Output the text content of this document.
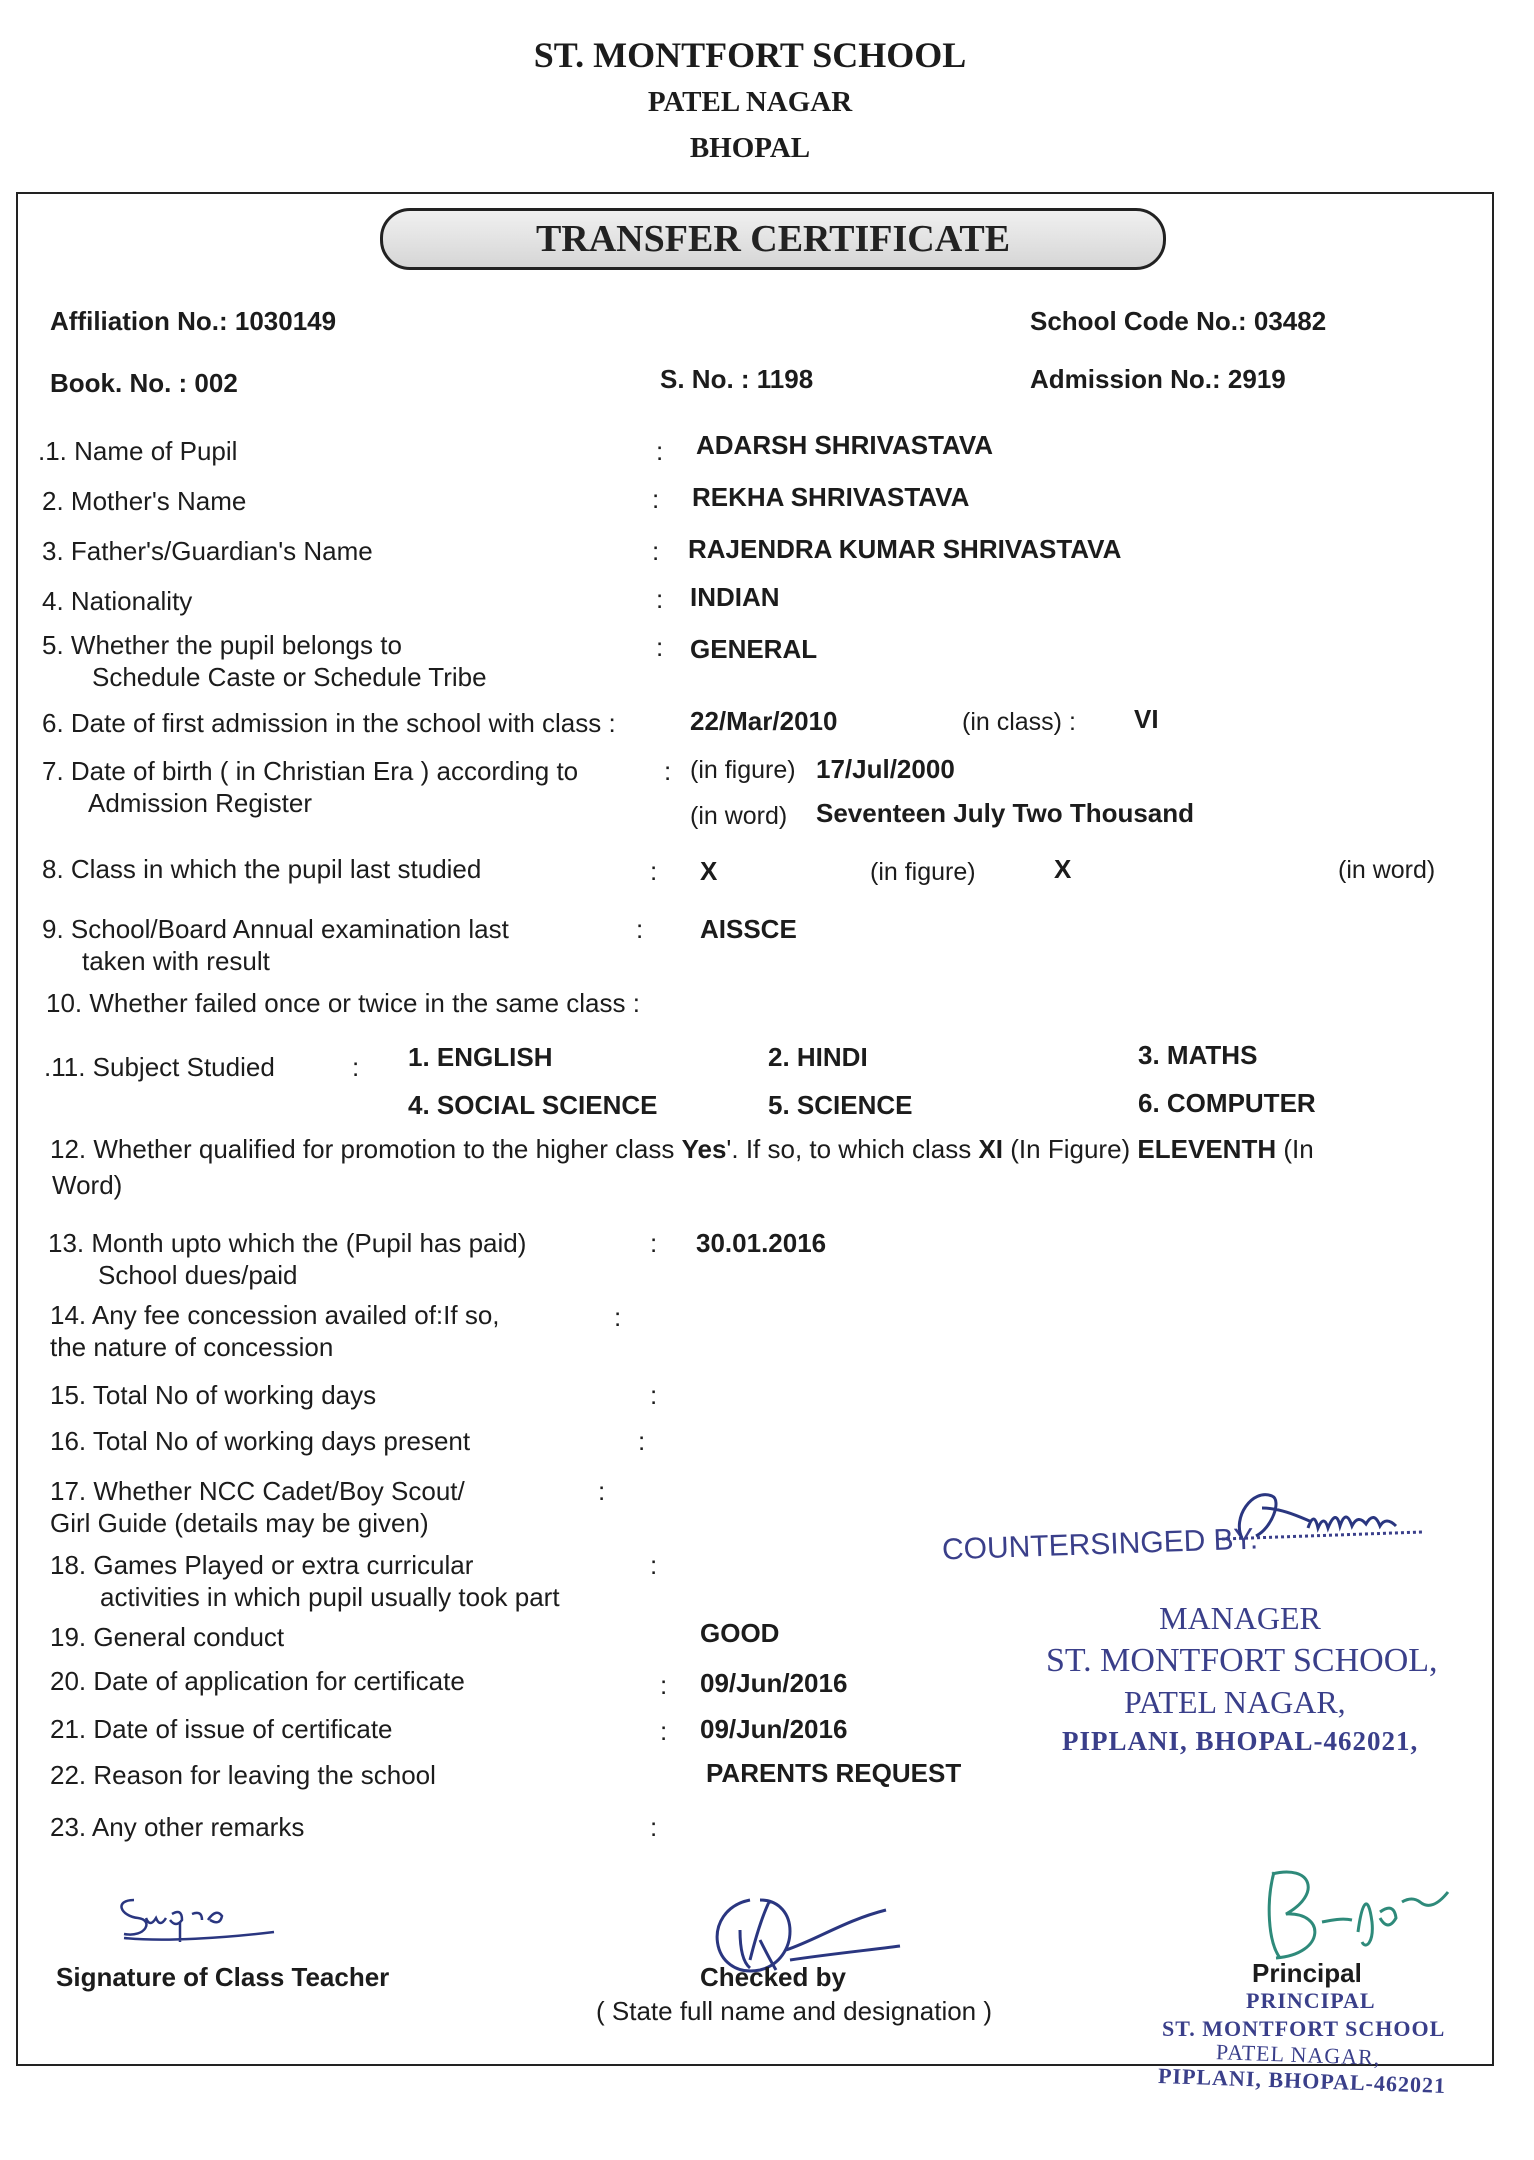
ST. MONTFORT SCHOOL
PATEL NAGAR
BHOPAL
TRANSFER CERTIFICATE
Affiliation No.: 1030149	School Code No.: 03482
Book. No. : 002	S. No. : 1198	Admission No.: 2919
.1. Name of Pupil	: ADARSH SHRIVASTAVA
2. Mother's Name	: REKHA SHRIVASTAVA
3. Father's/Guardian's Name	: RAJENDRA KUMAR SHRIVASTAVA
4. Nationality	: INDIAN
5. Whether the pupil belongs to
Schedule Caste or Schedule Tribe
: GENERAL
6. Date of first admission in the school with class :	22/Mar/2010	(in class) : VI
7. Date of birth ( in Christian Era ) according to
Admission Register
: (in figure) 17/Jul/2000
(in word) Seventeen July Two Thousand
8. Class in which the pupil last studied	: X	(in figure)	X	(in word)
9. School/Board Annual examination last
taken with result
: AISSCE
10. Whether failed once or twice in the same class :
.11. Subject Studied	: 1. ENGLISH	2. HINDI	3. MATHS
4. SOCIAL SCIENCE	5. SCIENCE	6. COMPUTER
12. Whether qualified for promotion to the higher class Yes'. If so, to which class XI (In Figure) ELEVENTH (In
Word)
13. Month upto which the (Pupil has paid)
School dues/paid
: 30.01.2016
14. Any fee concession availed of:If so,
the nature of concession
:
15. Total No of working days	:
16. Total No of working days present	:
17. Whether NCC Cadet/Boy Scout/
Girl Guide (details may be given)
:
18. Games Played or extra curricular
activities in which pupil usually took part
:
19. General conduct	GOOD
20. Date of application for certificate	: 09/Jun/2016
21. Date of issue of certificate	: 09/Jun/2016
22. Reason for leaving the school	PARENTS REQUEST
23. Any other remarks	:
COUNTERSINGED BY.
MANAGER
ST. MONTFORT SCHOOL,
PATEL NAGAR,
PIPLANI, BHOPAL-462021,
Signature of Class Teacher	Checked by
( State full name and designation )
Principal
PRINCIPAL
ST. MONTFORT SCHOOL
PATEL NAGAR,
PIPLANI, BHOPAL-462021
